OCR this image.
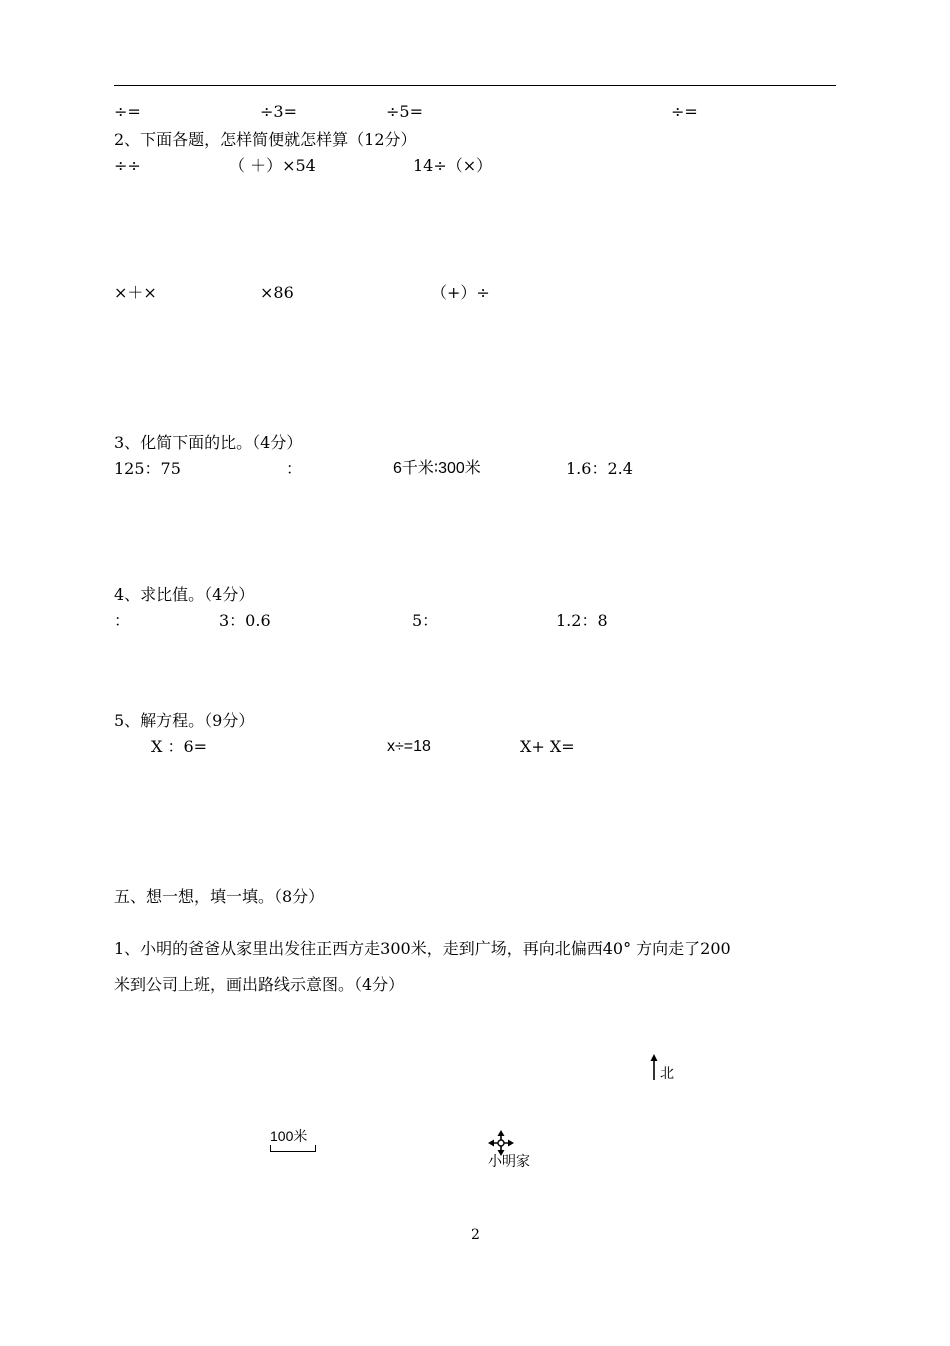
÷=	÷3=	÷5=	÷=
2、下面各题，怎样简便就怎样算（12分）
÷÷	（ ＋）×54	14÷（×）
×＋×	×86	（+）÷
3、化简下面的比。（4分）
125：75	：	6千米∶300米	1.6：2.4
4、求比值。（4分）
：	3：0.6	5：	1.2：8
5、解方程。（9分）
X ：6=	x÷=18	X+ X=
五、想一想，填一填。（8分）
1、小明的爸爸从家里出发往正西方走300米，走到广场，再向北偏西40° 方向走了200
米到公司上班，画出路线示意图。（4分）
北
100米
小明家
2
